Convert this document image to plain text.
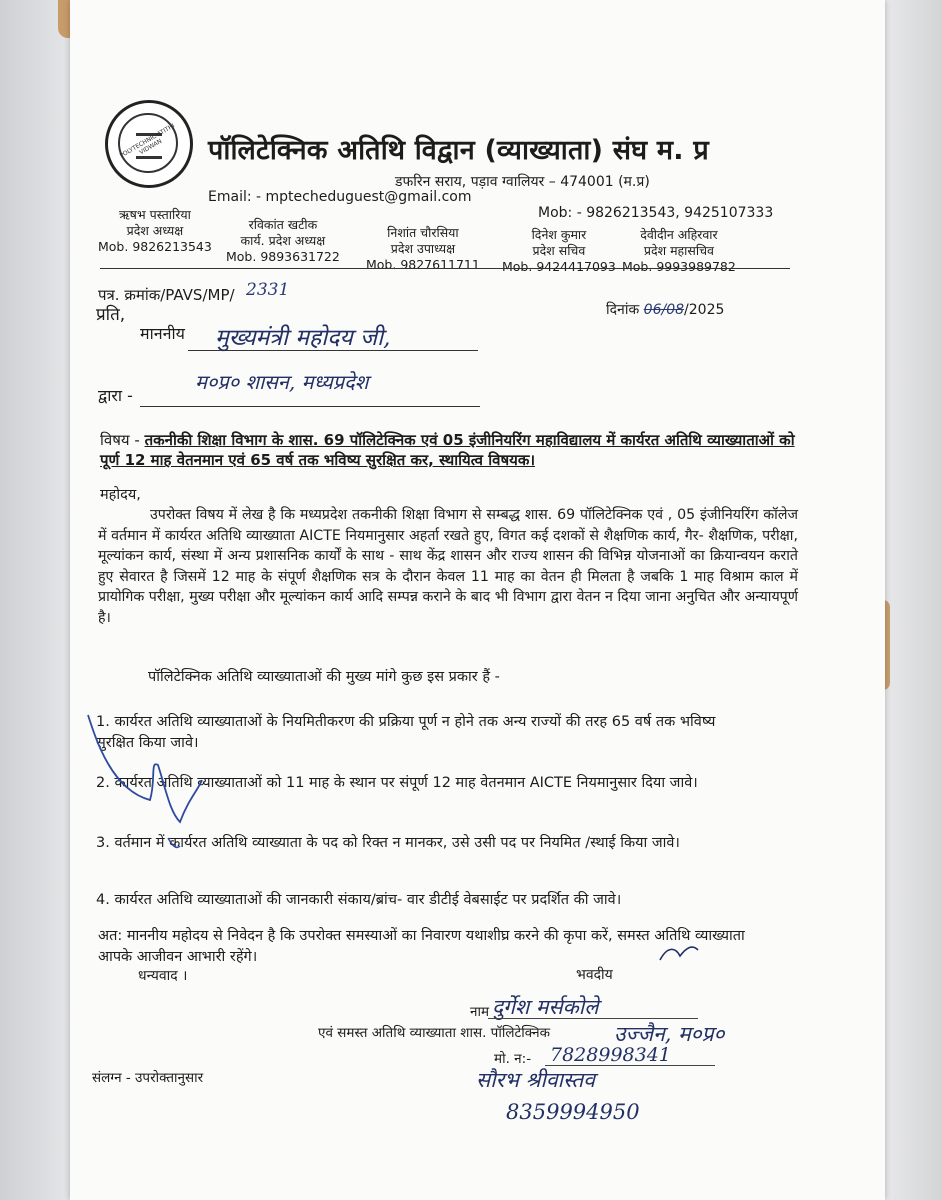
POLYTECHNIC ATITHI VIDWAN	पॉलिटेक्निक अतिथि विद्वान (व्याख्याता) संघ म. प्र
डफरिन सराय, पड़ाव ग्वालियर – 474001 (म.प्र)
Email: - mptecheduguest@gmail.com
Mob: - 9826213543, 9425107333
ऋषभ पस्तारिया
प्रदेश अध्यक्ष
Mob. 9826213543
रविकांत खटीक
कार्य. प्रदेश अध्यक्ष
Mob. 9893631722
निशांत चौरसिया
प्रदेश उपाध्यक्ष
Mob. 9827611711
दिनेश कुमार
प्रदेश सचिव
Mob. 9424417093
देवीदीन अहिरवार
प्रदेश महासचिव
Mob. 9993989782
पत्र. क्रमांक/PAVS/MP/ 2331
दिनांक 06/08/2025
प्रति,
माननीय मुख्यमंत्री महोदय जी,
म०प्र० शासन, मध्यप्रदेश
द्वारा -
विषय - तकनीकी शिक्षा विभाग के शास. 69 पॉलिटेक्निक एवं 05 इंजीनियरिंग महाविद्यालय में कार्यरत अतिथि व्याख्याताओं को पूर्ण 12 माह वेतनमान एवं 65 वर्ष तक भविष्य सुरक्षित कर, स्थायित्व विषयक।
महोदय,
उपरोक्त विषय में लेख है कि मध्यप्रदेश तकनीकी शिक्षा विभाग से सम्बद्ध शास. 69 पॉलिटेक्निक एवं , 05 इंजीनियरिंग कॉलेज में वर्तमान में कार्यरत अतिथि व्याख्याता AICTE नियमानुसार अहर्ता रखते हुए, विगत कई दशकों से शैक्षणिक कार्य, गैर- शैक्षणिक, परीक्षा, मूल्यांकन कार्य, संस्था में अन्य प्रशासनिक कार्यों के साथ - साथ केंद्र शासन और राज्य शासन की विभिन्न योजनाओं का क्रियान्वयन कराते हुए सेवारत है जिसमें 12 माह के संपूर्ण शैक्षणिक सत्र के दौरान केवल 11 माह का वेतन ही मिलता है जबकि 1 माह विश्राम काल में प्रायोगिक परीक्षा, मुख्य परीक्षा और मूल्यांकन कार्य आदि सम्पन्न कराने के बाद भी विभाग द्वारा वेतन न दिया जाना अनुचित और अन्यायपूर्ण है।
पॉलिटेक्निक अतिथि व्याख्याताओं की मुख्य मांगे कुछ इस प्रकार हैं -
1. कार्यरत अतिथि व्याख्याताओं के नियमितीकरण की प्रक्रिया पूर्ण न होने तक अन्य राज्यों की तरह 65 वर्ष तक भविष्य सुरक्षित किया जावे।
2. कार्यरत अतिथि व्याख्याताओं को 11 माह के स्थान पर संपूर्ण 12 माह वेतनमान AICTE नियमानुसार दिया जावे।
3. वर्तमान में कार्यरत अतिथि व्याख्याता के पद को रिक्त न मानकर, उसे उसी पद पर नियमित /स्थाई किया जावे।
4. कार्यरत अतिथि व्याख्याताओं की जानकारी संकाय/ब्रांच- वार डीटीई वेबसाईट पर प्रदर्शित की जावे।
अत: माननीय महोदय से निवेदन है कि उपरोक्त समस्याओं का निवारण यथाशीघ्र करने की कृपा करें, समस्त अतिथि व्याख्याता आपके आजीवन आभारी रहेंगे।
धन्यवाद ।	भवदीय
नाम दुर्गेश मर्सकोले
एवं समस्त अतिथि व्याख्याता शास. पॉलिटेक्निक	उज्जैन, म०प्र०
मो. न:- 7828998341
सौरभ श्रीवास्तव
8359994950
संलग्न - उपरोक्तानुसार
